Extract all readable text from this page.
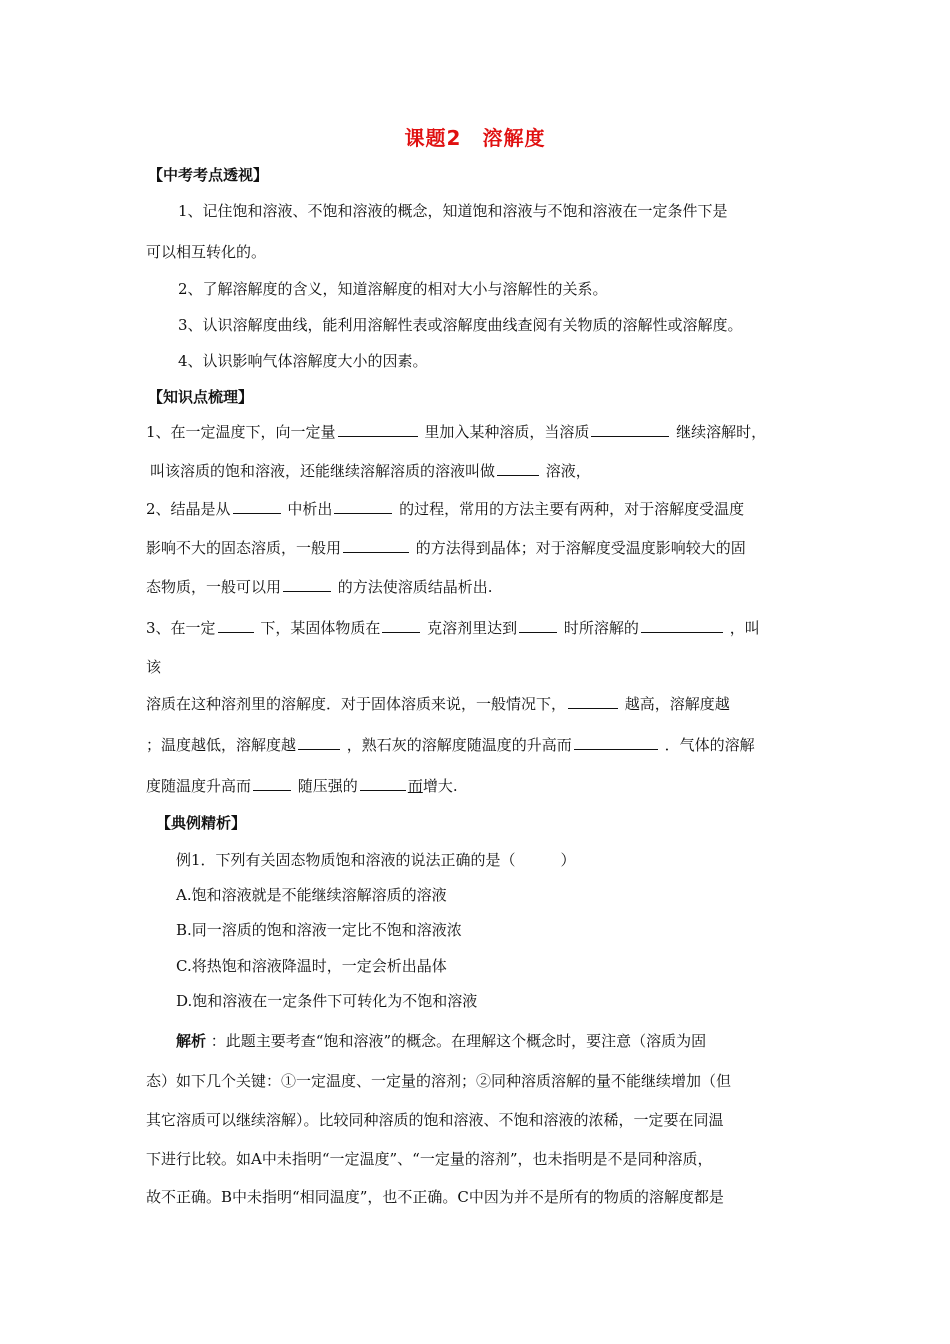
课题2　溶解度
【中考考点透视】
1、记住饱和溶液、不饱和溶液的概念，知道饱和溶液与不饱和溶液在一定条件下是
可以相互转化的。
2、了解溶解度的含义，知道溶解度的相对大小与溶解性的关系。
3、认识溶解度曲线，能利用溶解性表或溶解度曲线查阅有关物质的溶解性或溶解度。
4、认识影响气体溶解度大小的因素。
【知识点梳理】
1、在一定温度下，向一定量	里加入某种溶质，当溶质	继续溶解时，
叫该溶质的饱和溶液，还能继续溶解溶质的溶液叫做	溶液，
2、结晶是从	中析出	的过程，常用的方法主要有两种，对于溶解度受温度
影响不大的固态溶质，一般用	的方法得到晶体；对于溶解度受温度影响较大的固
态物质，一般可以用	的方法使溶质结晶析出.
3、在一定	下，某固体物质在	克溶剂里达到	时所溶解的	，叫
该
溶质在这种溶剂里的溶解度．对于固体溶质来说，一般情况下，	越高，溶解度越
；温度越低，溶解度越	，熟石灰的溶解度随温度的升高而	．气体的溶解
度随温度升高而	随压强的	而增大.
【典例精析】
例1．下列有关固态物质饱和溶液的说法正确的是（　　　）
A.饱和溶液就是不能继续溶解溶质的溶液
B.同一溶质的饱和溶液一定比不饱和溶液浓
C.将热饱和溶液降温时，一定会析出晶体
D.饱和溶液在一定条件下可转化为不饱和溶液
解析 ：此题主要考查“饱和溶液”的概念。在理解这个概念时，要注意（溶质为固
态）如下几个关键：①一定温度、一定量的溶剂；②同种溶质溶解的量不能继续增加（但
其它溶质可以继续溶解）。比较同种溶质的饱和溶液、不饱和溶液的浓稀，一定要在同温
下进行比较。如A中未指明“一定温度”、“一定量的溶剂”，也未指明是不是同种溶质，
故不正确。B中未指明“相同温度”，也不正确。C中因为并不是所有的物质的溶解度都是
